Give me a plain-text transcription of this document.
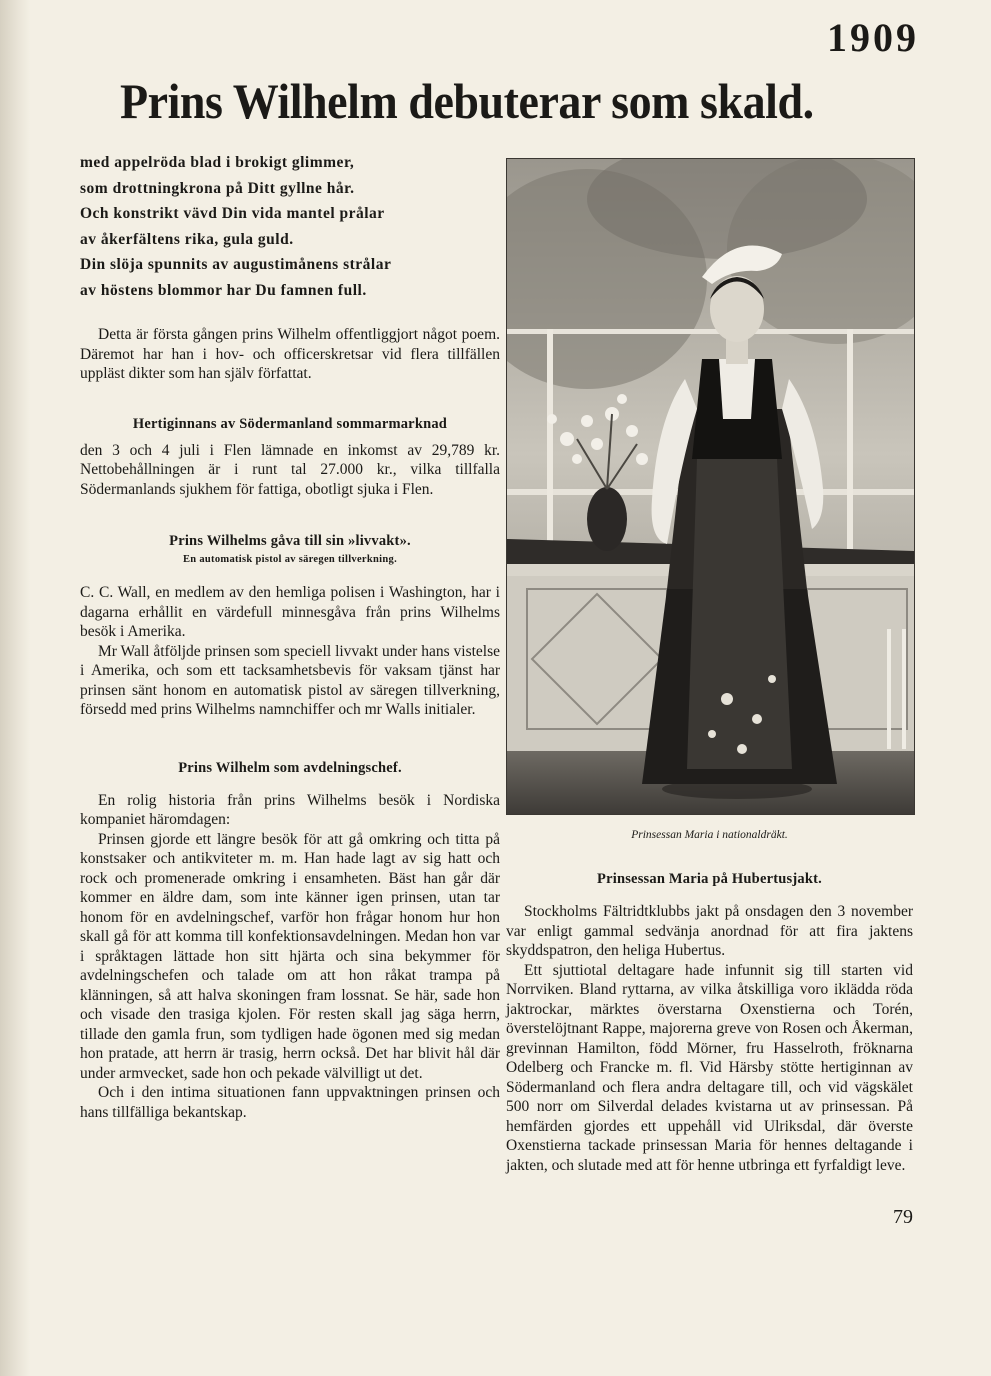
1909
Prins Wilhelm debuterar som skald.
med appelröda blad i brokigt glimmer,
som drottningkrona på Ditt gyllne hår.
Och konstrikt vävd Din vida mantel prålar
av åkerfältens rika, gula guld.
Din slöja spunnits av augustimånens strålar
av höstens blommor har Du famnen full.

Detta är första gången prins Wilhelm offentliggjort något poem. Däremot har han i hov- och officerskretsar vid flera tillfällen uppläst dikter som han själv författat.

Hertiginnans av Södermanland sommarmarknad

den 3 och 4 juli i Flen lämnade en inkomst av 29,789 kr. Nettobehållningen är i runt tal 27.000 kr., vilka tillfalla Södermanlands sjukhem för fattiga, obotligt sjuka i Flen.

Prins Wilhelms gåva till sin »livvakt».

En automatisk pistol av säregen tillverkning.

C. C. Wall, en medlem av den hemliga polisen i Washington, har i dagarna erhållit en värdefull minnesgåva från prins Wilhelms besök i Amerika.

Mr Wall åtföljde prinsen som speciell livvakt under hans vistelse i Amerika, och som ett tacksamhetsbevis för vaksam tjänst har prinsen sänt honom en automatisk pistol av säregen tillverkning, försedd med prins Wilhelms namnchiffer och mr Walls initialer.

Prins Wilhelm som avdelningschef.

En rolig historia från prins Wilhelms besök i Nordiska kompaniet häromdagen:

Prinsen gjorde ett längre besök för att gå omkring och titta på konstsaker och antikviteter m. m. Han hade lagt av sig hatt och rock och promenerade omkring i ensamheten. Bäst han går där kommer en äldre dam, som inte känner igen prinsen, utan tar honom för en avdelningschef, varför hon frågar honom hur hon skall gå för att komma till konfektionsavdelningen. Medan hon var i språktagen lättade hon sitt hjärta och sina bekymmer för avdelningschefen och talade om att hon råkat trampa på klänningen, så att halva skoningen fram lossnat. Se här, sade hon och visade den trasiga kjolen. För resten skall jag säga herrn, tillade den gamla frun, som tydligen hade ögonen med sig medan hon pratade, att herrn är trasig, herrn också. Det har blivit hål där under armvecket, sade hon och pekade välvilligt ut det.

Och i den intima situationen fann uppvaktningen prinsen och hans tillfälliga bekantskap.

Prinsessan Maria i nationaldräkt.

Prinsessan Maria på Hubertusjakt.

Stockholms Fältridtklubbs jakt på onsdagen den 3 november var enligt gammal sedvänja anordnad för att fira jaktens skyddspatron, den heliga Hubertus.

Ett sjuttiotal deltagare hade infunnit sig till starten vid Norrviken. Bland ryttarna, av vilka åtskilliga voro iklädda röda jaktrockar, märktes överstarna Oxenstierna och Torén, överstelöjtnant Rappe, majorerna greve von Rosen och Åkerman, grevinnan Hamilton, född Mörner, fru Hasselroth, fröknarna Odelberg och Francke m. fl. Vid Härsby stötte hertiginnan av Södermanland och flera andra deltagare till, och vid vägskälet 500 norr om Silverdal delades kvistarna ut av prinsessan. På hemfärden gjordes ett uppehåll vid Ulriksdal, där överste Oxenstierna tackade prinsessan Maria för hennes deltagande i jakten, och slutade med att för henne utbringa ett fyrfaldigt leve.

79
